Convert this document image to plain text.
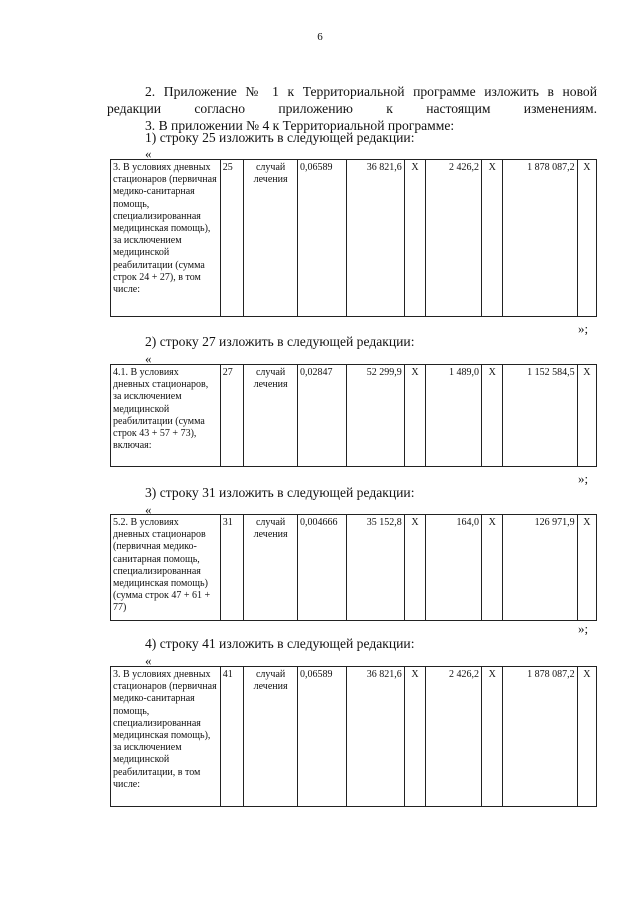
6

2. Приложение № 1 к Территориальной программе изложить в новой редакции согласно приложению к настоящим изменениям.

3. В приложении № 4 к Территориальной программе:
1) строку 25 изложить в следующей редакции:
«
3. В условиях дневных стационаров (первичная медико-санитарная помощь, специализированная медицинская помощь), за исключением медицинской реабилитации (сумма строк 24 + 27), в том числе:	25	случай лечения	0,06589	36 821,6	Х	2 426,2	Х	1 878 087,2	Х
»;
2) строку 27 изложить в следующей редакции:
«
4.1. В условиях дневных стационаров, за исключением медицинской реабилитации (сумма строк 43 + 57 + 73), включая:	27	случай лечения	0,02847	52 299,9	Х	1 489,0	Х	1 152 584,5	Х
»;
3) строку 31 изложить в следующей редакции:
«
5.2. В условиях дневных стационаров (первичная медико-санитарная помощь, специализированная медицинская помощь) (сумма строк 47 + 61 + 77)	31	случай лечения	0,004666	35 152,8	Х	164,0	Х	126 971,9	Х
»;
4) строку 41 изложить в следующей редакции:
«
3. В условиях дневных стационаров (первичная медико-санитарная помощь, специализированная медицинская помощь), за исключением медицинской реабилитации, в том числе:	41	случай лечения	0,06589	36 821,6	Х	2 426,2	Х	1 878 087,2	Х
